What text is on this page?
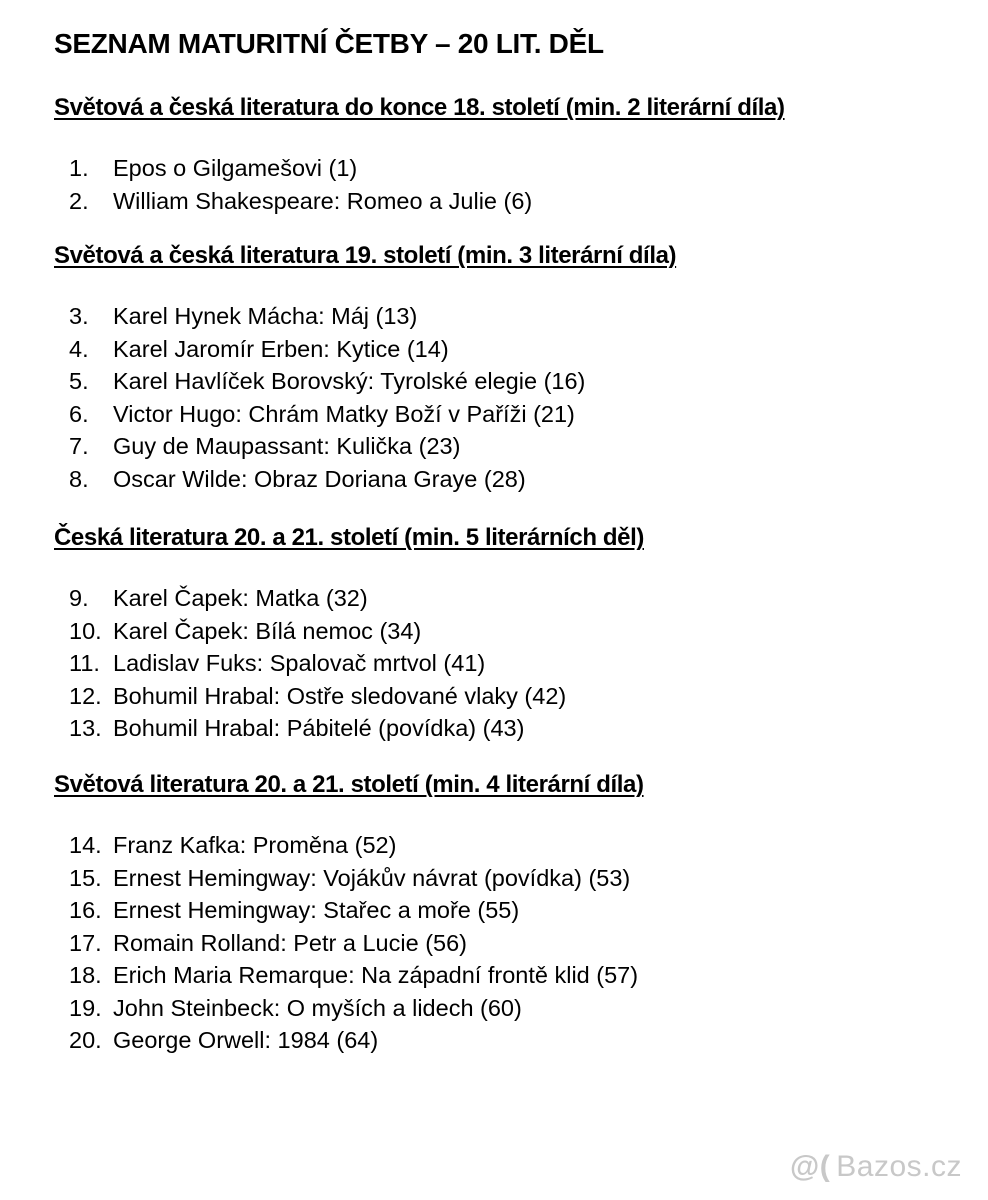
SEZNAM MATURITNÍ ČETBY – 20 LIT. DĚL
Světová a česká literatura do konce 18. století (min. 2 literární díla)
1.	Epos o Gilgamešovi (1)
2.	William Shakespeare: Romeo a Julie (6)
Světová a česká literatura 19. století (min. 3 literární díla)
3.	Karel Hynek Mácha: Máj (13)
4.	Karel Jaromír Erben: Kytice (14)
5.	Karel Havlíček Borovský: Tyrolské elegie (16)
6.	Victor Hugo: Chrám Matky Boží v Paříži (21)
7.	Guy de Maupassant: Kulička (23)
8.	Oscar Wilde: Obraz Doriana Graye (28)
Česká literatura 20. a 21. století (min. 5 literárních děl)
9.	Karel Čapek: Matka (32)
10. Karel Čapek: Bílá nemoc (34)
11. Ladislav Fuks: Spalovač mrtvol (41)
12. Bohumil Hrabal: Ostře sledované vlaky (42)
13. Bohumil Hrabal: Pábitelé (povídka) (43)
Světová literatura 20. a 21. století (min. 4 literární díla)
14. Franz Kafka: Proměna (52)
15. Ernest Hemingway: Vojákův návrat (povídka) (53)
16. Ernest Hemingway: Stařec a moře (55)
17. Romain Rolland: Petr a Lucie (56)
18. Erich Maria Remarque: Na západní frontě klid (57)
19. John Steinbeck: O myších a lidech (60)
20. George Orwell: 1984 (64)
@( Bazos.cz
